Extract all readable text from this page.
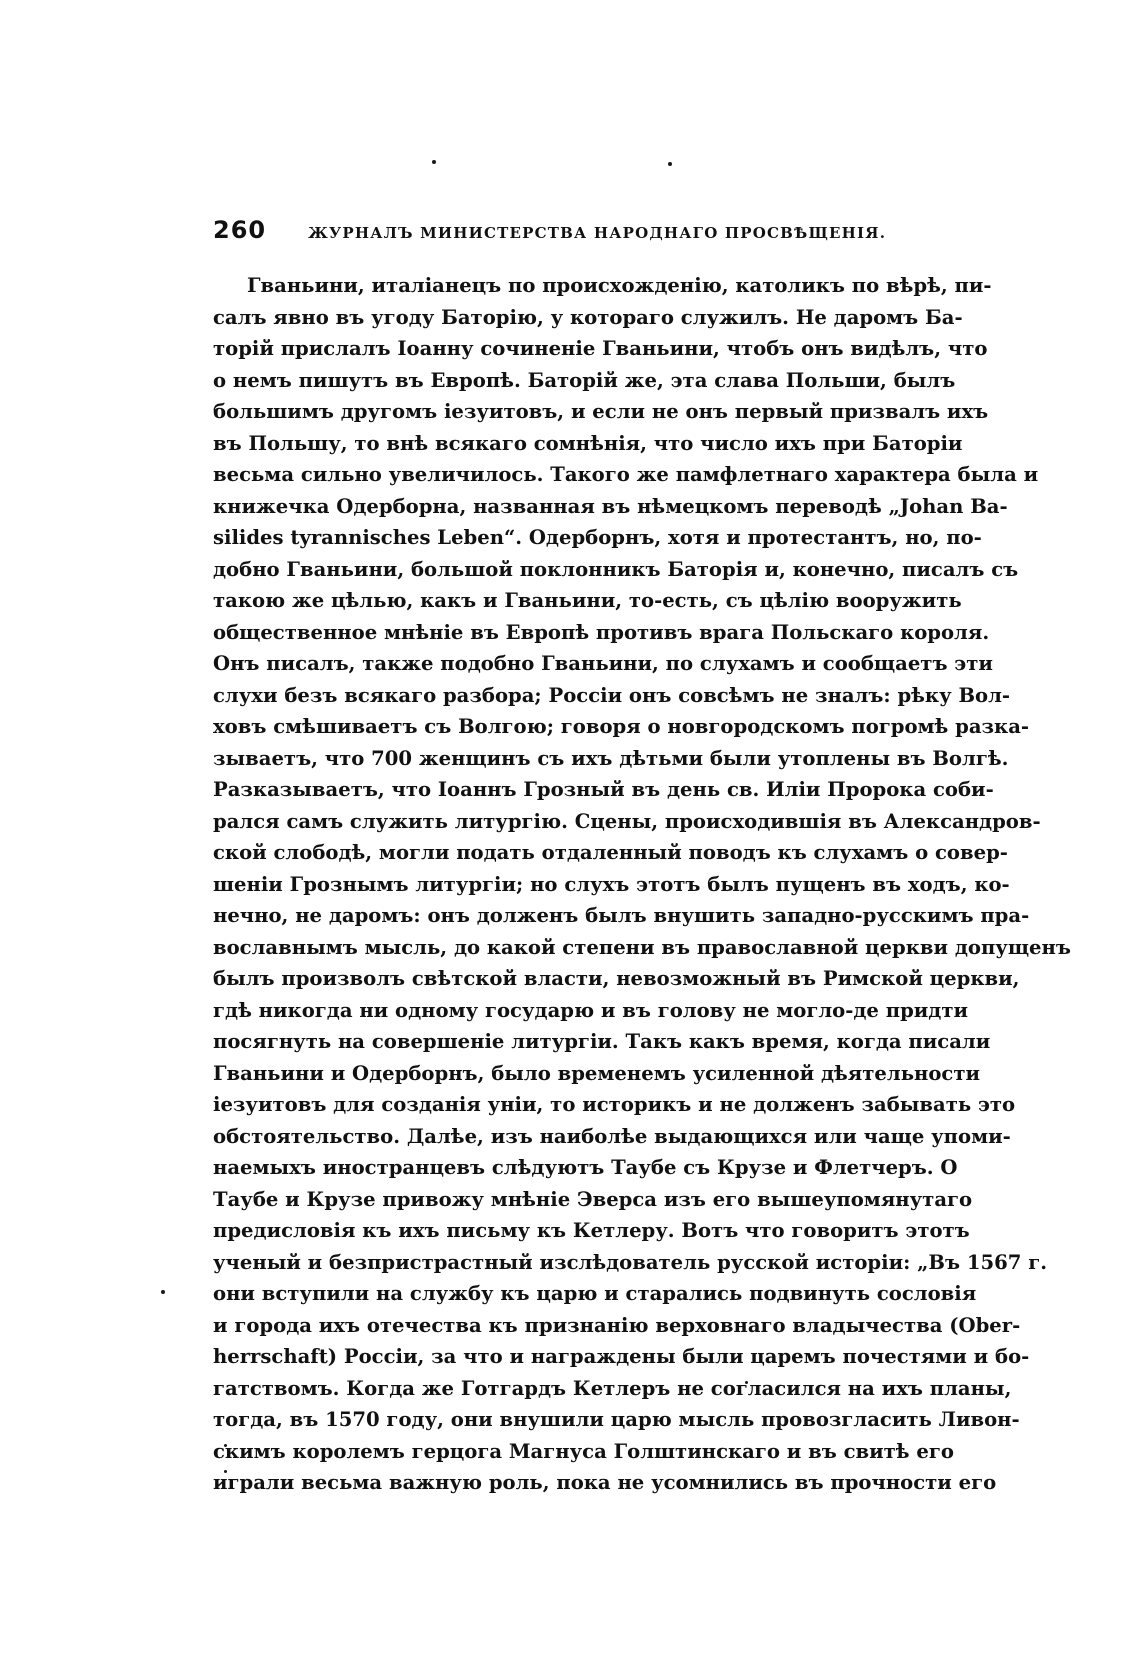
260	ЖУРНАЛЪ МИНИСТЕРСТВА НАРОДНАГО ПРОСВѢЩЕНІЯ.
Гваньини, италіанецъ по происхожденію, католикъ по вѣрѣ, пи-
салъ явно въ угоду Баторію, у котораго служилъ. Не даромъ Ба-
торій прислалъ Іоанну сочиненіе Гваньини, чтобъ онъ видѣлъ, что
о немъ пишутъ въ Европѣ. Баторій же, эта слава Польши, былъ
большимъ другомъ іезуитовъ, и если не онъ первый призвалъ ихъ
въ Польшу, то внѣ всякаго сомнѣнія, что число ихъ при Баторіи
весьма сильно увеличилось. Такого же памфлетнаго характера была и
книжечка Одерборна, названная въ нѣмецкомъ переводѣ „Johan Ba-
silides tyrannisches Leben“. Одерборнъ, хотя и протестантъ, но, по-
добно Гваньини, большой поклонникъ Баторія и, конечно, писалъ съ
такою же цѣлью, какъ и Гваньини, то-есть, съ цѣлію вооружить
общественное мнѣніе въ Европѣ противъ врага Польскаго короля.
Онъ писалъ, также подобно Гваньини, по слухамъ и сообщаетъ эти
слухи безъ всякаго разбора; Россіи онъ совсѣмъ не зналъ: рѣку Вол-
ховъ смѣшиваетъ съ Волгою; говоря о новгородскомъ погромѣ разка-
зываетъ, что 700 женщинъ съ ихъ дѣтьми были утоплены въ Волгѣ.
Разказываетъ, что Іоаннъ Грозный въ день св. Иліи Пророка соби-
рался самъ служить литургію. Сцены, происходившія въ Александров-
ской слободѣ, могли подать отдаленный поводъ къ слухамъ о совер-
шеніи Грознымъ литургіи; но слухъ этотъ былъ пущенъ въ ходъ, ко-
нечно, не даромъ: онъ долженъ былъ внушить западно-русскимъ пра-
вославнымъ мысль, до какой степени въ православной церкви допущенъ
былъ произволъ свѣтской власти, невозможный въ Римской церкви,
гдѣ никогда ни одному государю и въ голову не могло-де придти
посягнуть на совершеніе литургіи. Такъ какъ время, когда писали
Гваньини и Одерборнъ, было временемъ усиленной дѣятельности
іезуитовъ для созданія уніи, то историкъ и не долженъ забывать это
обстоятельство. Далѣе, изъ наиболѣе выдающихся или чаще упоми-
наемыхъ иностранцевъ слѣдуютъ Таубе съ Крузе и Флетчеръ. О
Таубе и Крузе привожу мнѣніе Эверса изъ его вышеупомянутаго
предисловія къ ихъ письму къ Кетлеру. Вотъ что говоритъ этотъ
ученый и безпристрастный изслѣдователь русской исторіи: „Въ 1567 г.
они вступили на службу къ царю и старались подвинуть сословія
и города ихъ отечества къ признанію верховнаго владычества (Ober-
herrschaft) Россіи, за что и награждены были царемъ почестями и бо-
гатствомъ. Когда же Готгардъ Кетлеръ не согласился на ихъ планы,
тогда, въ 1570 году, они внушили царю мысль провозгласить Ливон-
скимъ королемъ герцога Магнуса Голштинскаго и въ свитѣ его
играли весьма важную роль, пока не усомнились въ прочности его
